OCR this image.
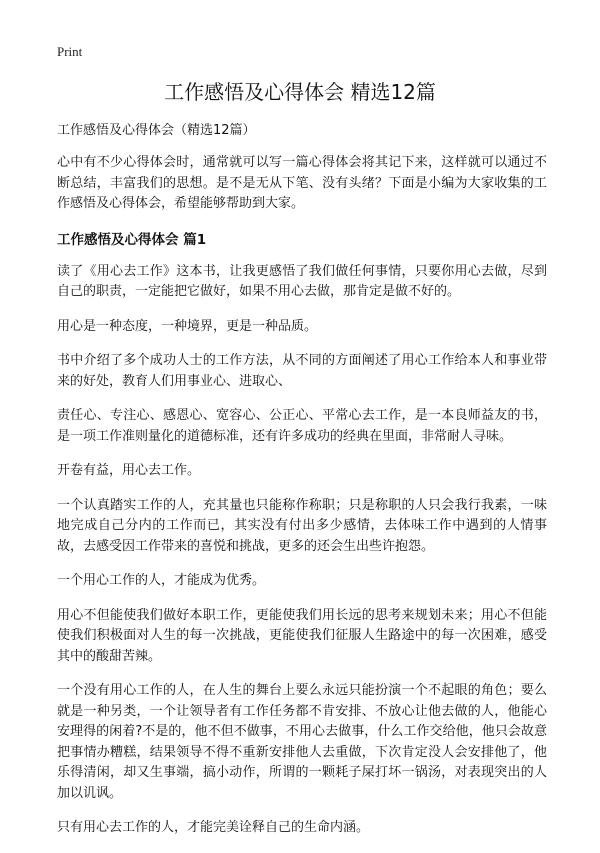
Print
工作感悟及心得体会 精选12篇
工作感悟及心得体会（精选12篇）

心中有不少心得体会时，通常就可以写一篇心得体会将其记下来，这样就可以通过不断总结，丰富我们的思想。是不是无从下笔、没有头绪？下面是小编为大家收集的工作感悟及心得体会，希望能够帮助到大家。

工作感悟及心得体会 篇1

读了《用心去工作》这本书，让我更感悟了我们做任何事情，只要你用心去做，尽到自己的职责，一定能把它做好，如果不用心去做，那肯定是做不好的。

用心是一种态度，一种境界，更是一种品质。

书中介绍了多个成功人士的工作方法，从不同的方面阐述了用心工作给本人和事业带来的好处，教育人们用事业心、进取心、

责任心、专注心、感恩心、宽容心、公正心、平常心去工作，是一本良师益友的书，是一项工作准则量化的道德标准，还有许多成功的经典在里面，非常耐人寻味。

开卷有益，用心去工作。

一个认真踏实工作的人，充其量也只能称作称职；只是称职的人只会我行我素，一味地完成自己分内的工作而已，其实没有付出多少感情，去体味工作中遇到的人情事故，去感受因工作带来的喜悦和挑战，更多的还会生出些许抱怨。

一个用心工作的人，才能成为优秀。

用心不但能使我们做好本职工作，更能使我们用长远的思考来规划未来；用心不但能使我们积极面对人生的每一次挑战，更能使我们征服人生路途中的每一次困难，感受其中的酸甜苦辣。

一个没有用心工作的人，在人生的舞台上要么永远只能扮演一个不起眼的角色；要么就是一种另类，一个让领导者有工作任务都不肯安排、不放心让他去做的人，他能心安理得的闲着?不是的，他不但不做事，不用心去做事，什么工作交给他，他只会故意把事情办糟糕，结果领导不得不重新安排他人去重做，下次肯定没人会安排他了，他乐得清闲，却又生事端，搞小动作，所谓的一颗耗子屎打坏一锅汤，对表现突出的人加以讥讽。

只有用心去工作的人，才能完美诠释自己的生命内涵。
